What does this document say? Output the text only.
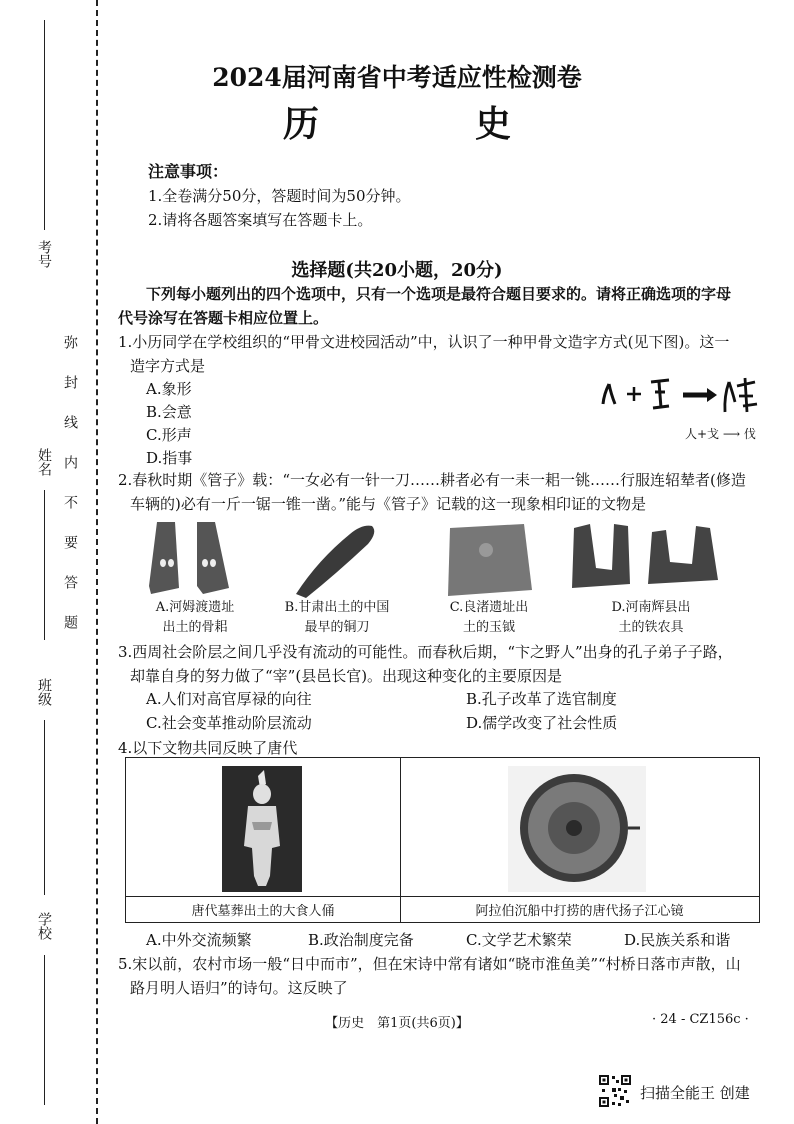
考号
姓名
班级
学校
弥封线内不要答题
2024届河南省中考适应性检测卷
历　史
注意事项：
1.全卷满分50分，答题时间为50分钟。
2.请将各题答案填写在答题卡上。
选择题(共20小题，20分)
下列每小题列出的四个选项中，只有一个选项是最符合题目要求的。请将正确选项的字母
代号涂写在答题卡相应位置上。
1.小历同学在学校组织的“甲骨文进校园活动”中，认识了一种甲骨文造字方式(见下图)。这一
造字方式是
A.象形
B.会意
C.形声
D.指事
人+戈 ⟶ 伐
2.春秋时期《管子》载：“一女必有一针一刀……耕者必有一耒一耜一铫……行服连轺辇者(修造
车辆的)必有一斤一锯一锥一凿。”能与《管子》记载的这一现象相印证的文物是
A.河姆渡遗址
出土的骨耜
B.甘肃出土的中国
最早的铜刀
C.良渚遗址出
土的玉钺
D.河南辉县出
土的铁农具
3.西周社会阶层之间几乎没有流动的可能性。而春秋后期，“卞之野人”出身的孔子弟子子路，
却靠自身的努力做了“宰”(县邑长官)。出现这种变化的主要原因是
A.人们对高官厚禄的向往	B.孔子改革了选官制度
C.社会变革推动阶层流动	D.儒学改变了社会性质
4.以下文物共同反映了唐代
唐代墓葬出土的大食人俑	阿拉伯沉船中打捞的唐代扬子江心镜
A.中外交流频繁	B.政治制度完备	C.文学艺术繁荣	D.民族关系和谐
5.宋以前，农村市场一般“日中而市”，但在宋诗中常有诸如“晓市淮鱼美”“村桥日落市声散，山
路月明人语归”的诗句。这反映了
【历史　第1页(共6页)】	· 24 - CZ156c ·
扫描全能王 创建
